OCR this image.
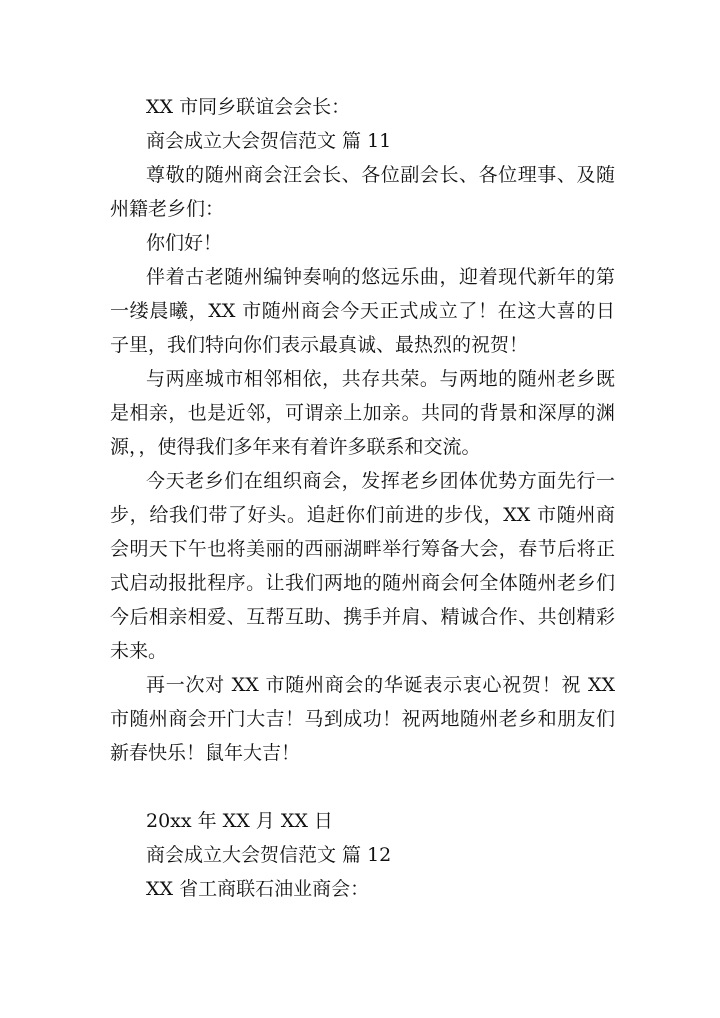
XX 市同乡联谊会会长：

商会成立大会贺信范文 篇 11

尊敬的随州商会汪会长、各位副会长、各位理事、及随州籍老乡们：

你们好！

伴着古老随州编钟奏响的悠远乐曲，迎着现代新年的第一缕晨曦，XX 市随州商会今天正式成立了！在这大喜的日子里，我们特向你们表示最真诚、最热烈的祝贺！

与两座城市相邻相依，共存共荣。与两地的随州老乡既是相亲，也是近邻，可谓亲上加亲。共同的背景和深厚的渊源，，使得我们多年来有着许多联系和交流。

今天老乡们在组织商会，发挥老乡团体优势方面先行一步，给我们带了好头。追赶你们前进的步伐，XX 市随州商会明天下午也将美丽的西丽湖畔举行筹备大会，春节后将正式启动报批程序。让我们两地的随州商会何全体随州老乡们今后相亲相爱、互帮互助、携手并肩、精诚合作、共创精彩未来。

再一次对 XX 市随州商会的华诞表示衷心祝贺！祝 XX 市随州商会开门大吉！马到成功！祝两地随州老乡和朋友们新春快乐！鼠年大吉！

20xx 年 XX 月 XX 日

商会成立大会贺信范文 篇 12

XX 省工商联石油业商会：
